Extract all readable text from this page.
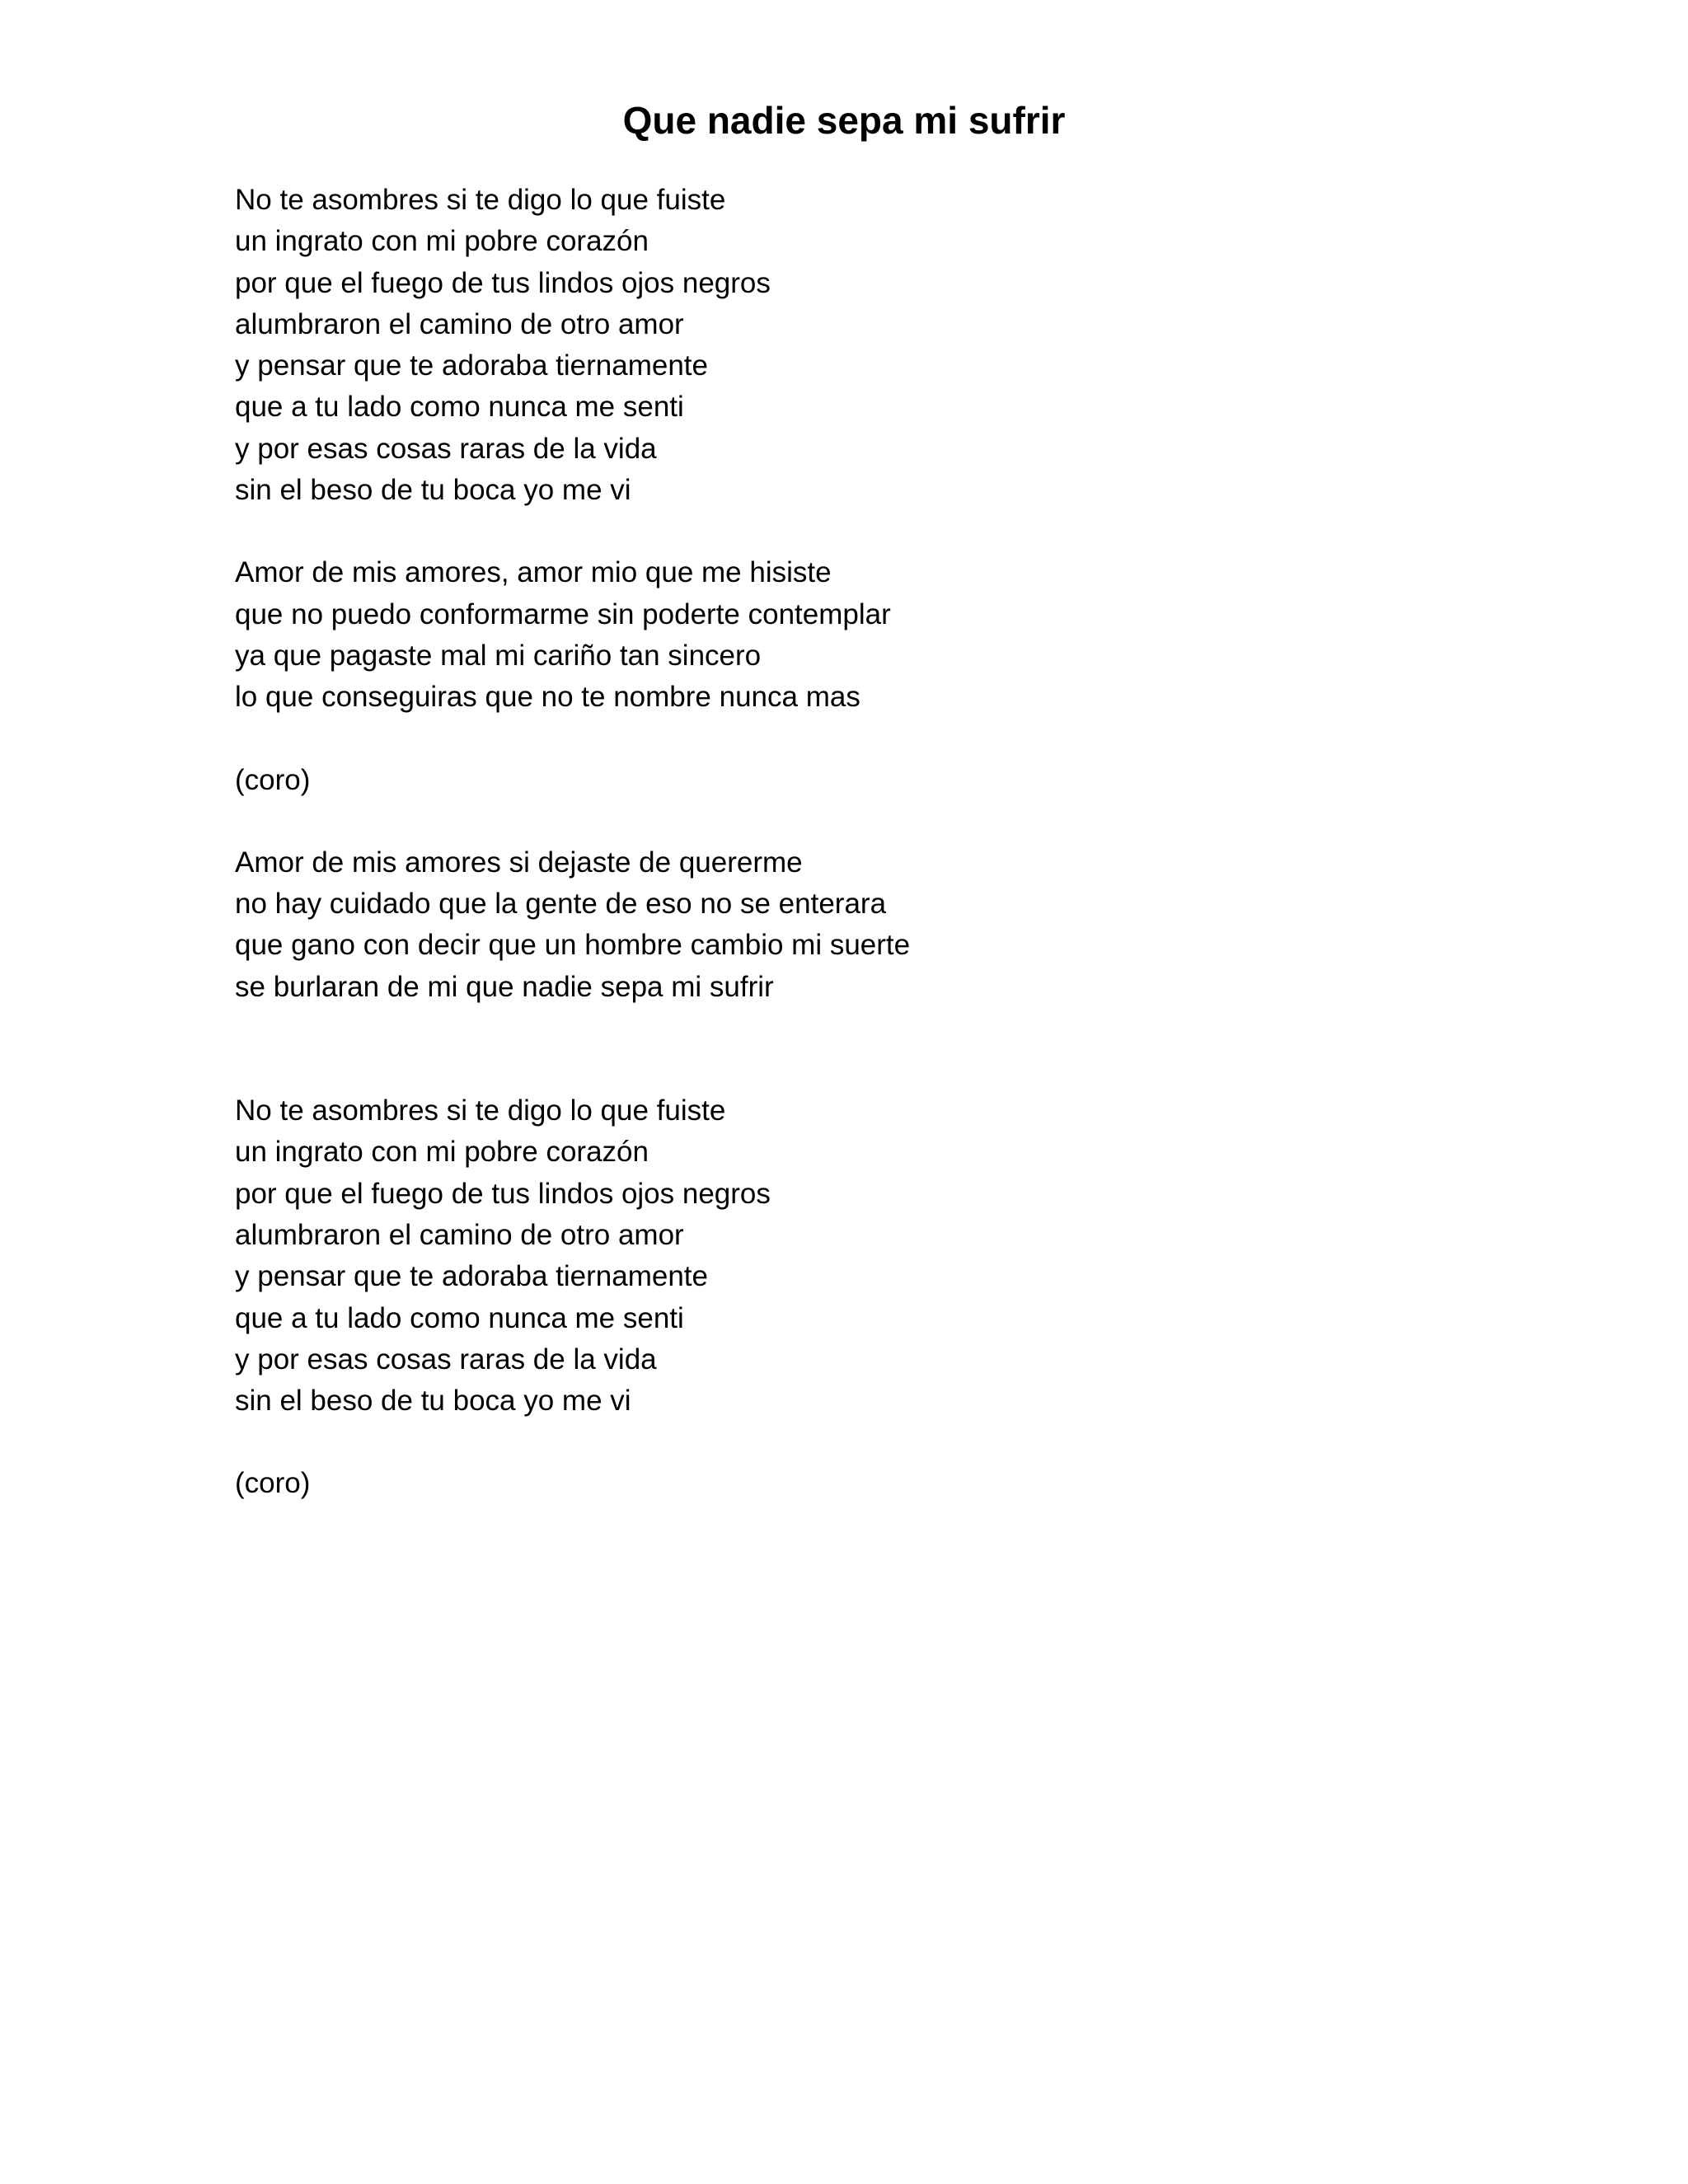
Que nadie sepa mi sufrir
No te asombres si te digo lo que fuiste
un ingrato con mi pobre corazón
por que el fuego de tus lindos ojos negros
alumbraron el camino de otro amor
y pensar que te adoraba tiernamente
que a tu lado como nunca me senti
y por esas cosas raras de la vida
sin el beso de tu boca yo me vi
Amor de mis amores, amor mio que me hisiste
que no puedo conformarme sin poderte contemplar
ya que pagaste mal mi cariño tan sincero
lo que conseguiras que no te nombre nunca mas
(coro)
Amor de mis amores si dejaste de quererme
no hay cuidado que la gente de eso no se enterara
que gano con decir que un hombre cambio mi suerte
se burlaran de mi que nadie sepa mi sufrir
No te asombres si te digo lo que fuiste
un ingrato con mi pobre corazón
por que el fuego de tus lindos ojos negros
alumbraron el camino de otro amor
y pensar que te adoraba tiernamente
que a tu lado como nunca me senti
y por esas cosas raras de la vida
sin el beso de tu boca yo me vi
(coro)
